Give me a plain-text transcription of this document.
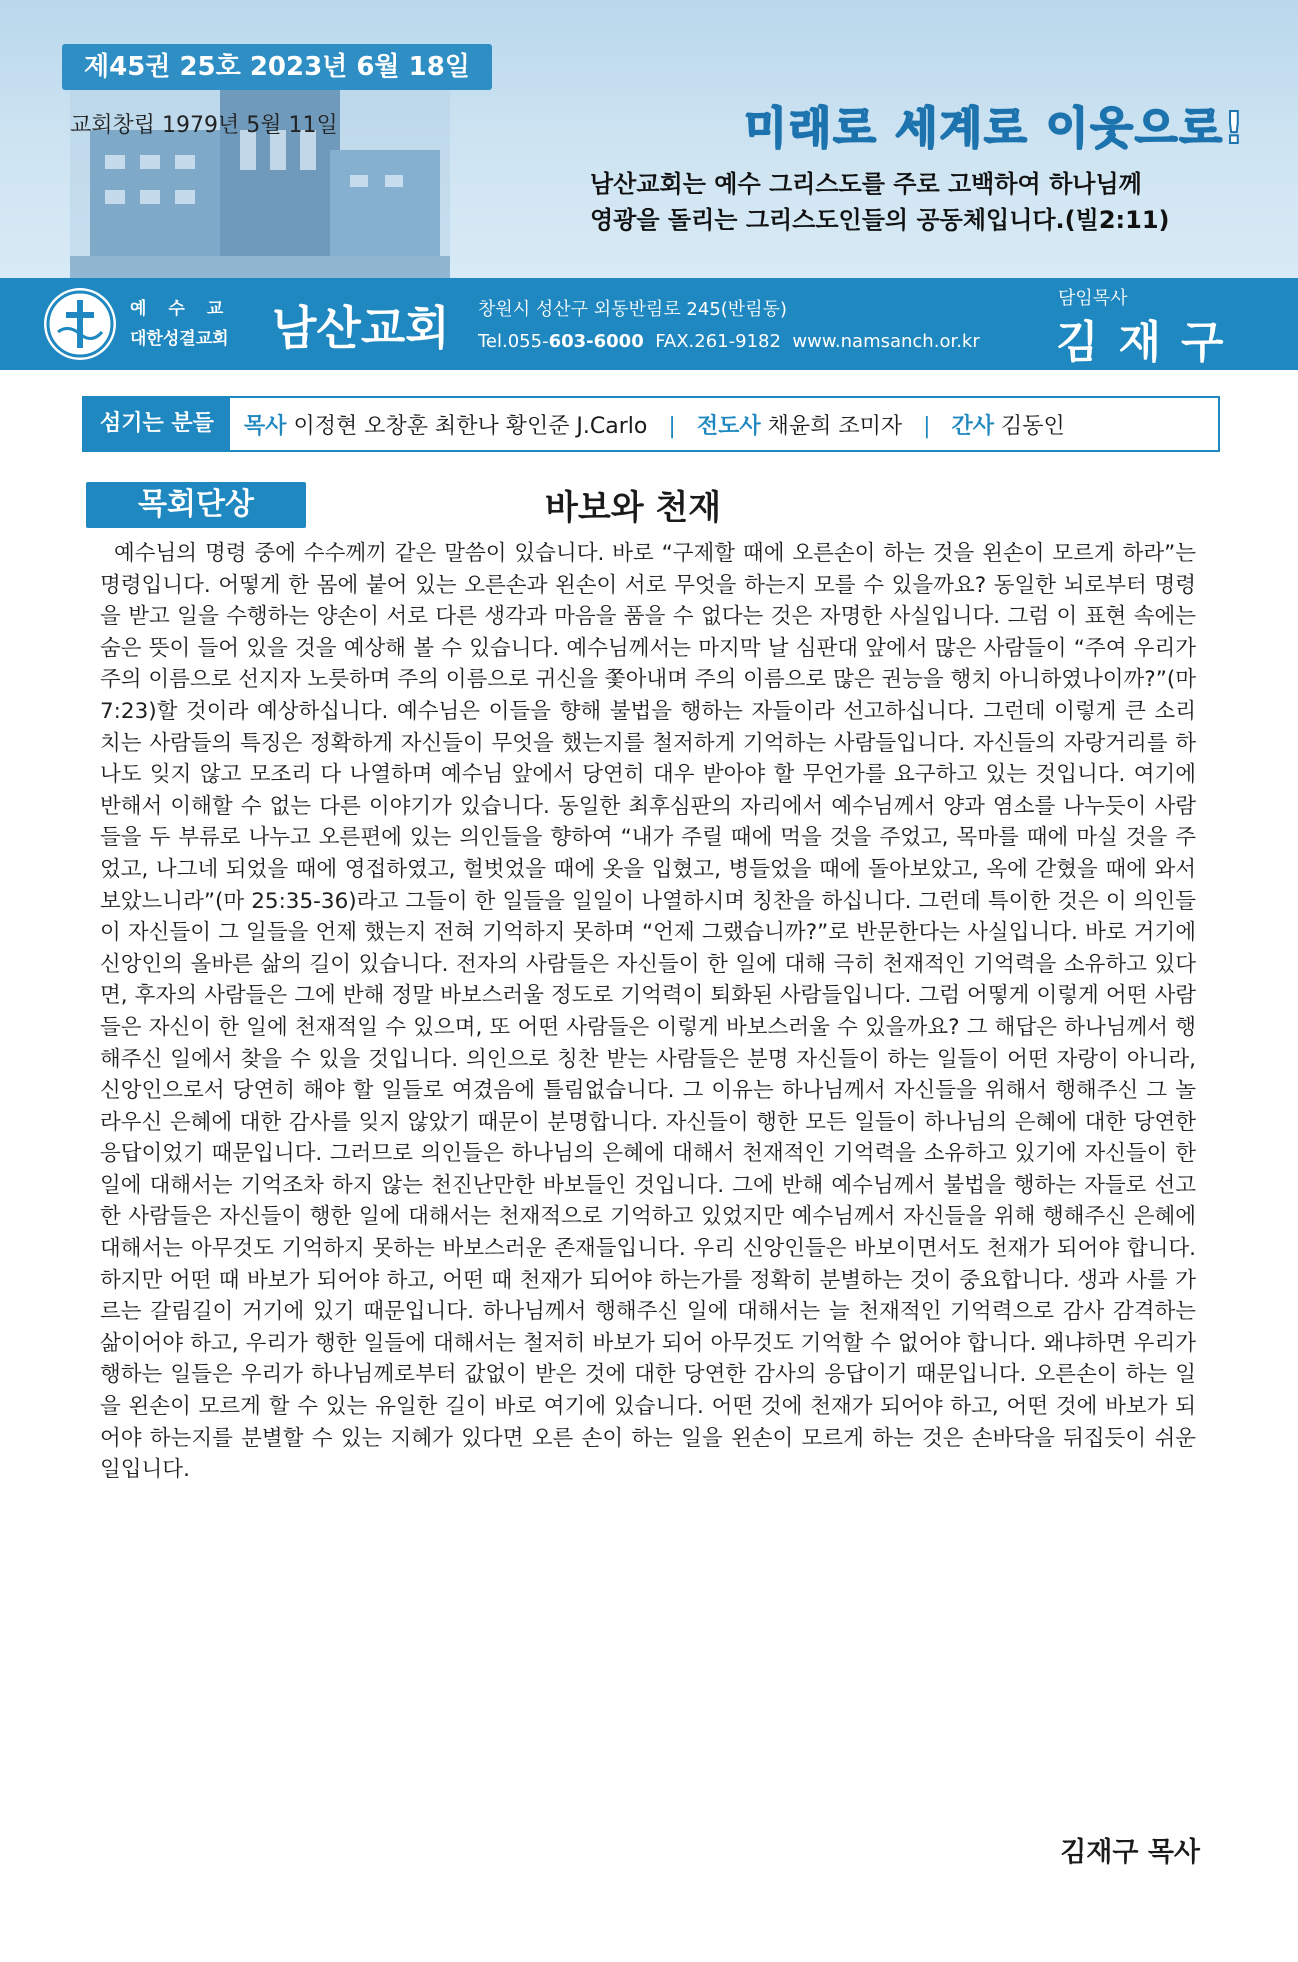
제45권 25호 2023년 6월 18일
교회창립 1979년 5월 11일	미래로 세계로 이웃으로!
남산교회는 예수 그리스도를 주로 고백하여 하나님께
영광을 돌리는 그리스도인들의 공동체입니다.(빌2:11)
예수교
대한성결교회 남산교회 창원시 성산구 외동반림로 245(반림동)
Tel.055-603-6000 FAX.261-9182 www.namsanch.or.kr
담임목사
김재구
섬기는 분들	목사 이정현 오창훈 최한나 황인준 J.Carlo | 전도사 채윤희 조미자 | 간사 김동인
목회단상	바보와 천재
예수님의 명령 중에 수수께끼 같은 말씀이 있습니다. 바로 “구제할 때에 오른손이 하는 것을 왼손이 모르게 하라”는 명령입니다. 어떻게 한 몸에 붙어 있는 오른손과 왼손이 서로 무엇을 하는지 모를 수 있을까요? 동일한 뇌로부터 명령을 받고 일을 수행하는 양손이 서로 다른 생각과 마음을 품을 수 없다는 것은 자명한 사실입니다. 그럼 이 표현 속에는 숨은 뜻이 들어 있을 것을 예상해 볼 수 있습니다. 예수님께서는 마지막 날 심판대 앞에서 많은 사람들이 “주여 우리가 주의 이름으로 선지자 노릇하며 주의 이름으로 귀신을 쫓아내며 주의 이름으로 많은 권능을 행치 아니하였나이까?”(마 7:23)할 것이라 예상하십니다. 예수님은 이들을 향해 불법을 행하는 자들이라 선고하십니다. 그런데 이렇게 큰 소리 치는 사람들의 특징은 정확하게 자신들이 무엇을 했는지를 철저하게 기억하는 사람들입니다. 자신들의 자랑거리를 하나도 잊지 않고 모조리 다 나열하며 예수님 앞에서 당연히 대우 받아야 할 무언가를 요구하고 있는 것입니다. 여기에 반해서 이해할 수 없는 다른 이야기가 있습니다. 동일한 최후심판의 자리에서 예수님께서 양과 염소를 나누듯이 사람들을 두 부류로 나누고 오른편에 있는 의인들을 향하여 “내가 주릴 때에 먹을 것을 주었고, 목마를 때에 마실 것을 주었고, 나그네 되었을 때에 영접하였고, 헐벗었을 때에 옷을 입혔고, 병들었을 때에 돌아보았고, 옥에 갇혔을 때에 와서 보았느니라”(마 25:35-36)라고 그들이 한 일들을 일일이 나열하시며 칭찬을 하십니다. 그런데 특이한 것은 이 의인들이 자신들이 그 일들을 언제 했는지 전혀 기억하지 못하며 “언제 그랬습니까?”로 반문한다는 사실입니다. 바로 거기에 신앙인의 올바른 삶의 길이 있습니다. 전자의 사람들은 자신들이 한 일에 대해 극히 천재적인 기억력을 소유하고 있다면, 후자의 사람들은 그에 반해 정말 바보스러울 정도로 기억력이 퇴화된 사람들입니다. 그럼 어떻게 이렇게 어떤 사람들은 자신이 한 일에 천재적일 수 있으며, 또 어떤 사람들은 이렇게 바보스러울 수 있을까요? 그 해답은 하나님께서 행해주신 일에서 찾을 수 있을 것입니다. 의인으로 칭찬 받는 사람들은 분명 자신들이 하는 일들이 어떤 자랑이 아니라, 신앙인으로서 당연히 해야 할 일들로 여겼음에 틀림없습니다. 그 이유는 하나님께서 자신들을 위해서 행해주신 그 놀라우신 은혜에 대한 감사를 잊지 않았기 때문이 분명합니다. 자신들이 행한 모든 일들이 하나님의 은혜에 대한 당연한 응답이었기 때문입니다. 그러므로 의인들은 하나님의 은혜에 대해서 천재적인 기억력을 소유하고 있기에 자신들이 한 일에 대해서는 기억조차 하지 않는 천진난만한 바보들인 것입니다. 그에 반해 예수님께서 불법을 행하는 자들로 선고한 사람들은 자신들이 행한 일에 대해서는 천재적으로 기억하고 있었지만 예수님께서 자신들을 위해 행해주신 은혜에 대해서는 아무것도 기억하지 못하는 바보스러운 존재들입니다. 우리 신앙인들은 바보이면서도 천재가 되어야 합니다. 하지만 어떤 때 바보가 되어야 하고, 어떤 때 천재가 되어야 하는가를 정확히 분별하는 것이 중요합니다. 생과 사를 가르는 갈림길이 거기에 있기 때문입니다. 하나님께서 행해주신 일에 대해서는 늘 천재적인 기억력으로 감사 감격하는 삶이어야 하고, 우리가 행한 일들에 대해서는 철저히 바보가 되어 아무것도 기억할 수 없어야 합니다. 왜냐하면 우리가 행하는 일들은 우리가 하나님께로부터 값없이 받은 것에 대한 당연한 감사의 응답이기 때문입니다. 오른손이 하는 일을 왼손이 모르게 할 수 있는 유일한 길이 바로 여기에 있습니다. 어떤 것에 천재가 되어야 하고, 어떤 것에 바보가 되어야 하는지를 분별할 수 있는 지혜가 있다면 오른 손이 하는 일을 왼손이 모르게 하는 것은 손바닥을 뒤집듯이 쉬운 일입니다.
김재구 목사
